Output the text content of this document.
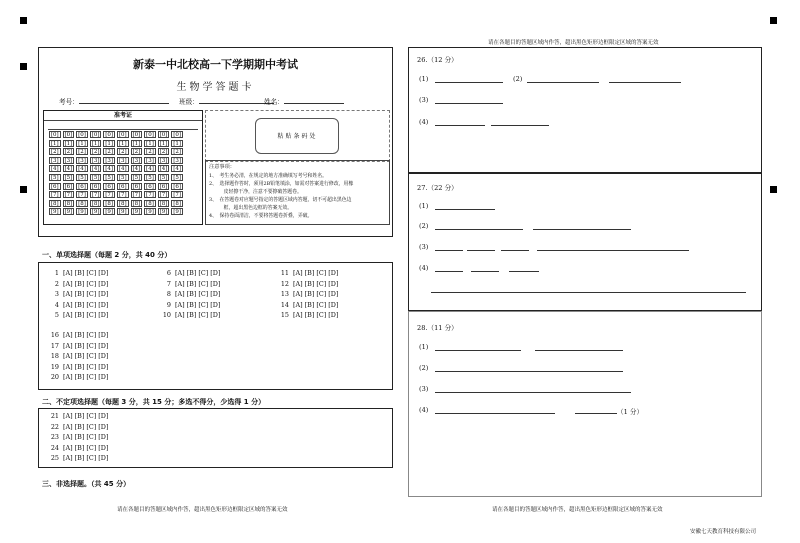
请在各题目的答题区域内作答，超出黑色矩形边框限定区域的答案无效
新泰一中北校高一下学期期中考试
生物学答题卡
考号：	班级：	姓名：
准考证
[0]	[0]	[0]	[0]	[0]	[0]	[0]	[0]	[0]	[0]
[1]	[1]	[1]	[1]	[1]	[1]	[1]	[1]	[1]	[1]
[2]	[2]	[2]	[2]	[2]	[2]	[2]	[2]	[2]	[2]
[3]	[3]	[3]	[3]	[3]	[3]	[3]	[3]	[3]	[3]
[4]	[4]	[4]	[4]	[4]	[4]	[4]	[4]	[4]	[4]
[5]	[5]	[5]	[5]	[5]	[5]	[5]	[5]	[5]	[5]
[6]	[6]	[6]	[6]	[6]	[6]	[6]	[6]	[6]	[6]
[7]	[7]	[7]	[7]	[7]	[7]	[7]	[7]	[7]	[7]
[8]	[8]	[8]	[8]	[8]	[8]	[8]	[8]	[8]	[8]
[9]	[9]	[9]	[9]	[9]	[9]	[9]	[9]	[9]	[9]
粘贴条码处
注意事项：
1、　考生务必清，在规定的地方准确填写考号和姓名。
2、　选择题作答时，须用2B铅笔填涂，如需对答案进行修改，用橡
　　　皮轻擦干净，注意不要擦破答题卷。
3、　在答题卷对应题号指定的答题区域内答题，切不可超出黑色边
　　　框，超出黑色边框的答案无效。
4、　保持卷面清洁，不要将答题卷折叠，弄破。
一、单项选择题（每题 2 分，共 40 分）
1 [A] [B] [C] [D]
2 [A] [B] [C] [D]
3 [A] [B] [C] [D]
4 [A] [B] [C] [D]
5 [A] [B] [C] [D]
6 [A] [B] [C] [D]
7 [A] [B] [C] [D]
8 [A] [B] [C] [D]
9 [A] [B] [C] [D]
10 [A] [B] [C] [D]
11 [A] [B] [C] [D]
12 [A] [B] [C] [D]
13 [A] [B] [C] [D]
14 [A] [B] [C] [D]
15 [A] [B] [C] [D]
16 [A] [B] [C] [D]
17 [A] [B] [C] [D]
18 [A] [B] [C] [D]
19 [A] [B] [C] [D]
20 [A] [B] [C] [D]
二、不定项选择题（每题 3 分，共 15 分；多选不得分，少选得 1 分）
21 [A] [B] [C] [D]
22 [A] [B] [C] [D]
23 [A] [B] [C] [D]
24 [A] [B] [C] [D]
25 [A] [B] [C] [D]
三、非选择题。（共 45 分）
请在各题目的答题区域内作答，超出黑色矩形边框限定区域的答案无效
26.（12 分）
(1)	(2)
(3)
(4)
27.（22 分）
(1)
(2)
(3)
(4)
28.（11 分）
(1)
(2)
(3)
(4)	（1 分）
请在各题目的答题区域内作答，超出黑色矩形边框限定区域的答案无效
安徽七天教育科技有限公司
